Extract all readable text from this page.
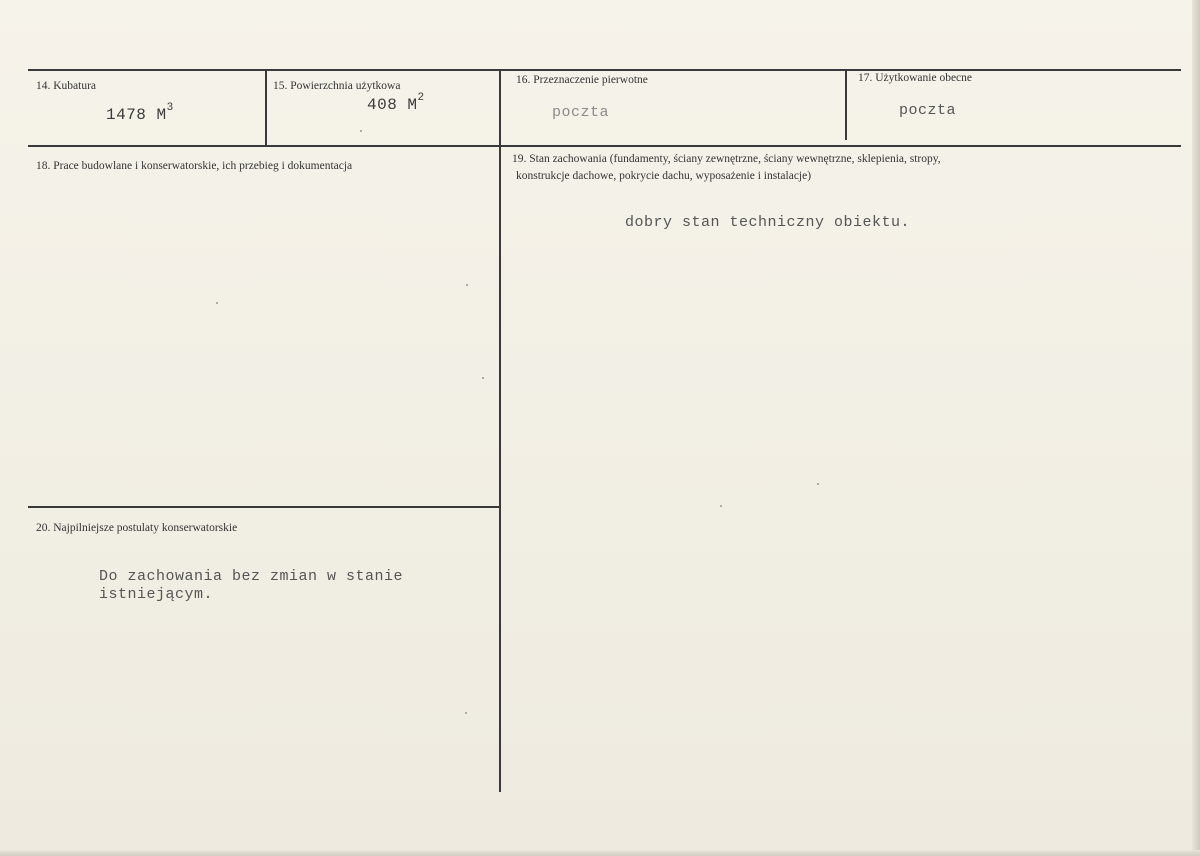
14. Kubatura
1478 $M^3$
15. Powierzchnia użytkowa
408 $M^2$
16. Przeznaczenie pierwotne
poczta
17. Użytkowanie obecne
poczta
18. Prace budowlane i konserwatorskie, ich przebieg i dokumentacja
19. Stan zachowania (fundamenty, ściany zewnętrzne, ściany wewnętrzne, sklepienia, stropy,
konstrukcje dachowe, pokrycie dachu, wyposażenie i instalacje)
dobry stan techniczny obiektu.
20. Najpilniejsze postulaty konserwatorskie
Do zachowania bez zmian w stanie
istniejącym.
